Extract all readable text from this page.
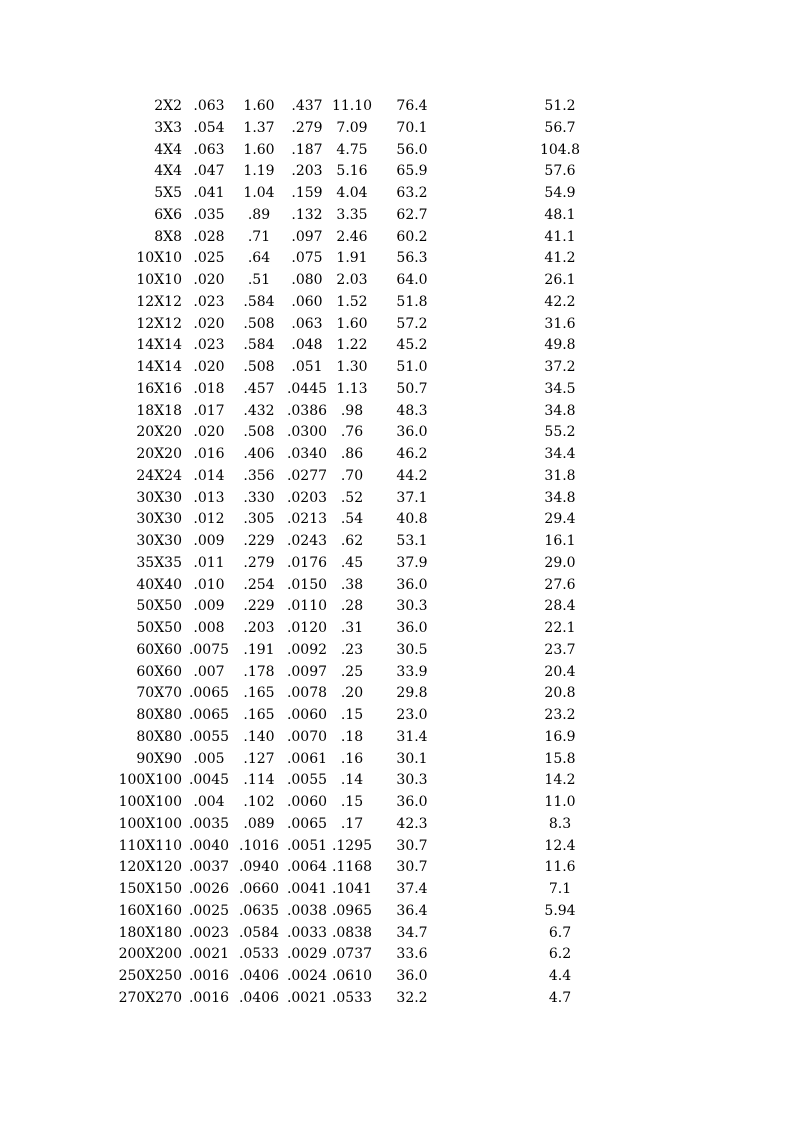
2X2 .063	1.60	.437 11.10	76.4	51.2
3X3 .054	1.37	.279 7.09	70.1	56.7
4X4 .063	1.60	.187 4.75	56.0	104.8
4X4 .047	1.19	.203 5.16	65.9	57.6
5X5 .041	1.04	.159 4.04	63.2	54.9
6X6 .035	.89	.132 3.35	62.7	48.1
8X8 .028	.71	.097 2.46	60.2	41.1
10X10 .025	.64	.075 1.91	56.3	41.2
10X10 .020	.51	.080 2.03	64.0	26.1
12X12 .023	.584	.060 1.52	51.8	42.2
12X12 .020	.508	.063 1.60	57.2	31.6
14X14 .023	.584	.048 1.22	45.2	49.8
14X14 .020	.508	.051 1.30	51.0	37.2
16X16 .018	.457 .0445 1.13	50.7	34.5
18X18 .017	.432 .0386 .98	48.3	34.8
20X20 .020	.508 .0300 .76	36.0	55.2
20X20 .016	.406 .0340 .86	46.2	34.4
24X24 .014	.356 .0277 .70	44.2	31.8
30X30 .013	.330 .0203 .52	37.1	34.8
30X30 .012	.305 .0213 .54	40.8	29.4
30X30 .009	.229 .0243 .62	53.1	16.1
35X35 .011	.279 .0176 .45	37.9	29.0
40X40 .010	.254 .0150 .38	36.0	27.6
50X50 .009	.229 .0110 .28	30.3	28.4
50X50 .008	.203 .0120 .31	36.0	22.1
60X60 .0075	.191 .0092 .23	30.5	23.7
60X60 .007	.178 .0097 .25	33.9	20.4
70X70 .0065	.165 .0078 .20	29.8	20.8
80X80 .0065	.165 .0060 .15	23.0	23.2
80X80 .0055	.140 .0070 .18	31.4	16.9
90X90 .005	.127 .0061 .16	30.1	15.8
100X100 .0045	.114 .0055 .14	30.3	14.2
100X100 .004	.102 .0060 .15	36.0	11.0
100X100 .0035	.089 .0065 .17	42.3	8.3
110X110 .0040 .1016 .0051 .1295	30.7	12.4
120X120 .0037 .0940 .0064 .1168	30.7	11.6
150X150 .0026 .0660 .0041 .1041	37.4	7.1
160X160 .0025 .0635 .0038 .0965	36.4	5.94
180X180 .0023 .0584 .0033 .0838	34.7	6.7
200X200 .0021 .0533 .0029 .0737	33.6	6.2
250X250 .0016 .0406 .0024 .0610	36.0	4.4
270X270 .0016 .0406 .0021 .0533	32.2	4.7
